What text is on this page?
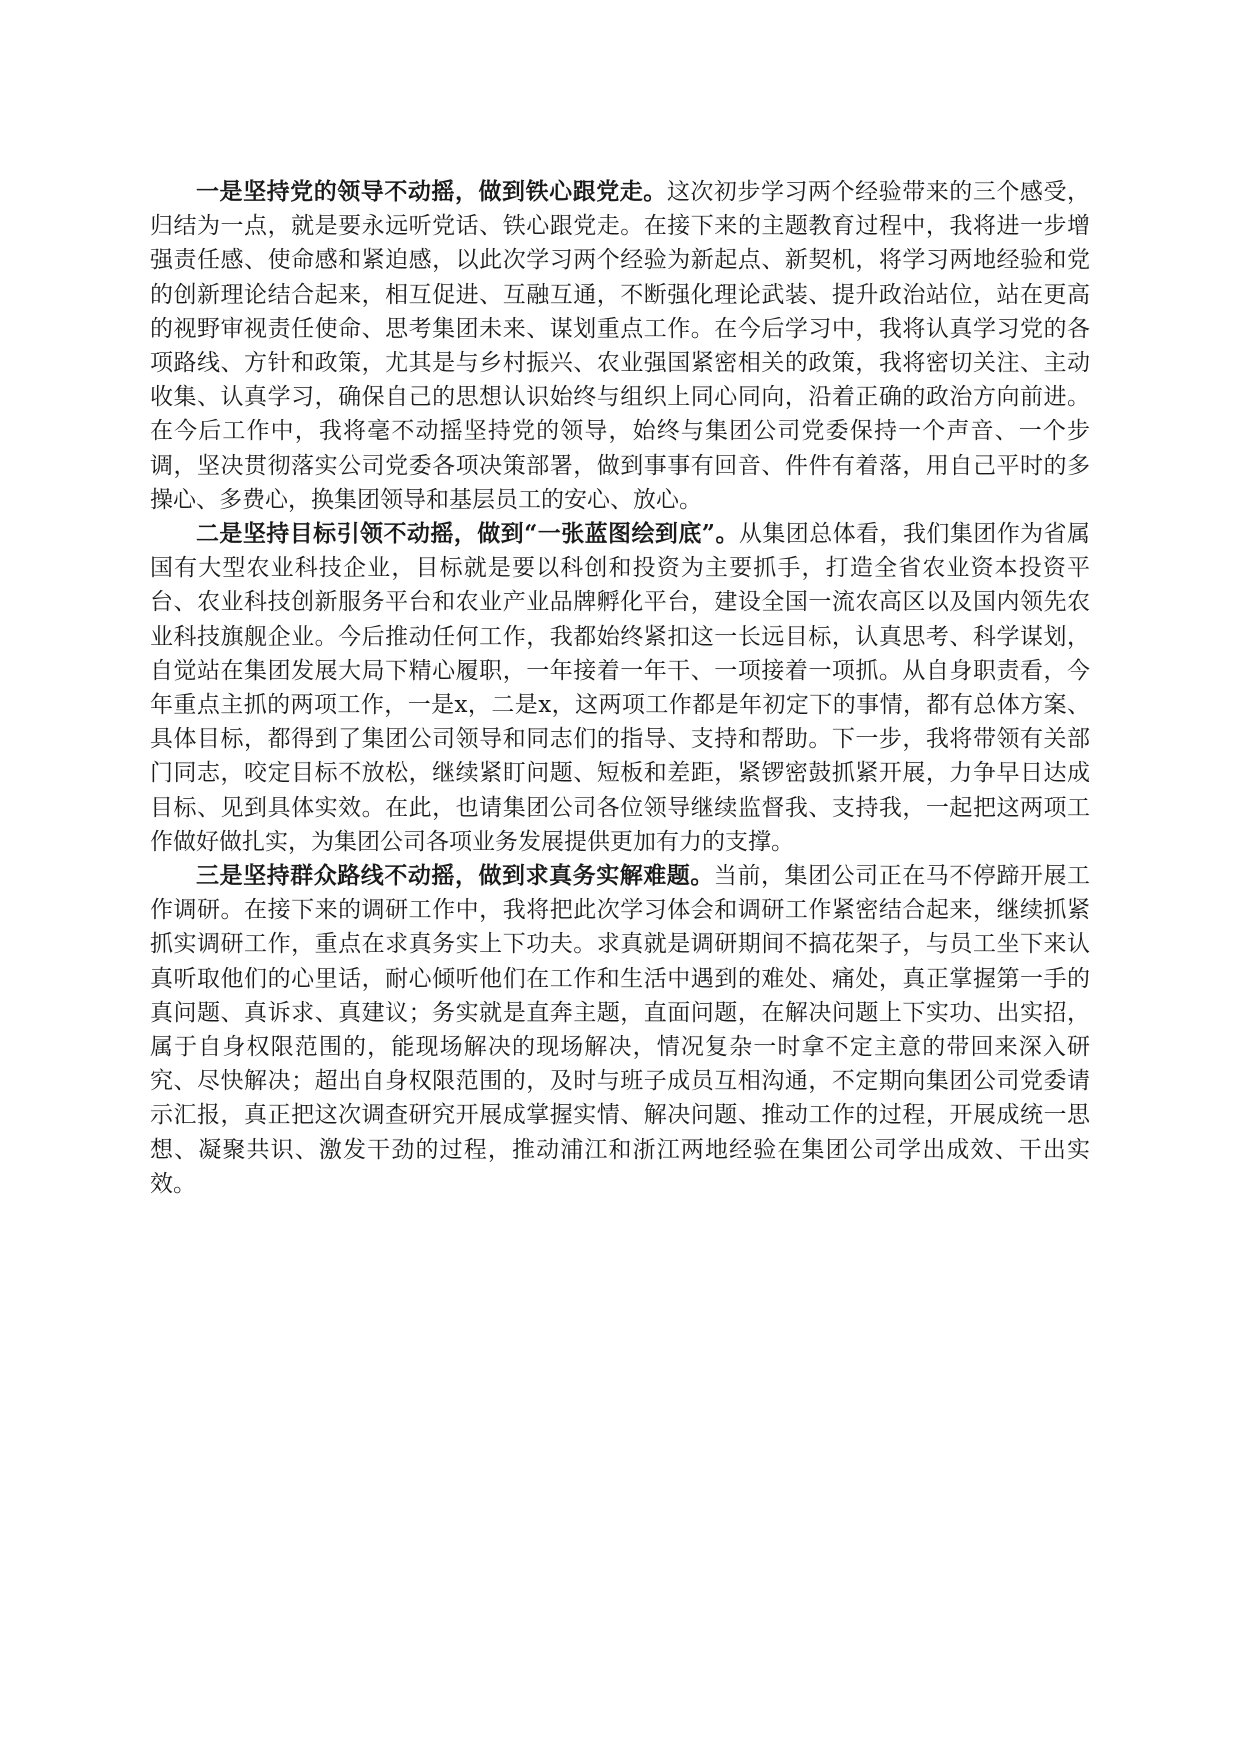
一是坚持党的领导不动摇，做到铁心跟党走。这次初步学习两个经验带来的三个感受，归结为一点，就是要永远听党话、铁心跟党走。在接下来的主题教育过程中，我将进一步增强责任感、使命感和紧迫感，以此次学习两个经验为新起点、新契机，将学习两地经验和党的创新理论结合起来，相互促进、互融互通，不断强化理论武装、提升政治站位，站在更高的视野审视责任使命、思考集团未来、谋划重点工作。在今后学习中，我将认真学习党的各项路线、方针和政策，尤其是与乡村振兴、农业强国紧密相关的政策，我将密切关注、主动收集、认真学习，确保自己的思想认识始终与组织上同心同向，沿着正确的政治方向前进。在今后工作中，我将毫不动摇坚持党的领导，始终与集团公司党委保持一个声音、一个步调，坚决贯彻落实公司党委各项决策部署，做到事事有回音、件件有着落，用自己平时的多操心、多费心，换集团领导和基层员工的安心、放心。

二是坚持目标引领不动摇，做到“一张蓝图绘到底”。从集团总体看，我们集团作为省属国有大型农业科技企业，目标就是要以科创和投资为主要抓手，打造全省农业资本投资平台、农业科技创新服务平台和农业产业品牌孵化平台，建设全国一流农高区以及国内领先农业科技旗舰企业。今后推动任何工作，我都始终紧扣这一长远目标，认真思考、科学谋划，自觉站在集团发展大局下精心履职，一年接着一年干、一项接着一项抓。从自身职责看，今年重点主抓的两项工作，一是x，二是x，这两项工作都是年初定下的事情，都有总体方案、具体目标，都得到了集团公司领导和同志们的指导、支持和帮助。下一步，我将带领有关部门同志，咬定目标不放松，继续紧盯问题、短板和差距，紧锣密鼓抓紧开展，力争早日达成目标、见到具体实效。在此，也请集团公司各位领导继续监督我、支持我，一起把这两项工作做好做扎实，为集团公司各项业务发展提供更加有力的支撑。

三是坚持群众路线不动摇，做到求真务实解难题。当前，集团公司正在马不停蹄开展工作调研。在接下来的调研工作中，我将把此次学习体会和调研工作紧密结合起来，继续抓紧抓实调研工作，重点在求真务实上下功夫。求真就是调研期间不搞花架子，与员工坐下来认真听取他们的心里话，耐心倾听他们在工作和生活中遇到的难处、痛处，真正掌握第一手的真问题、真诉求、真建议；务实就是直奔主题，直面问题，在解决问题上下实功、出实招，属于自身权限范围的，能现场解决的现场解决，情况复杂一时拿不定主意的带回来深入研究、尽快解决；超出自身权限范围的，及时与班子成员互相沟通，不定期向集团公司党委请示汇报，真正把这次调查研究开展成掌握实情、解决问题、推动工作的过程，开展成统一思想、凝聚共识、激发干劲的过程，推动浦江和浙江两地经验在集团公司学出成效、干出实效。
